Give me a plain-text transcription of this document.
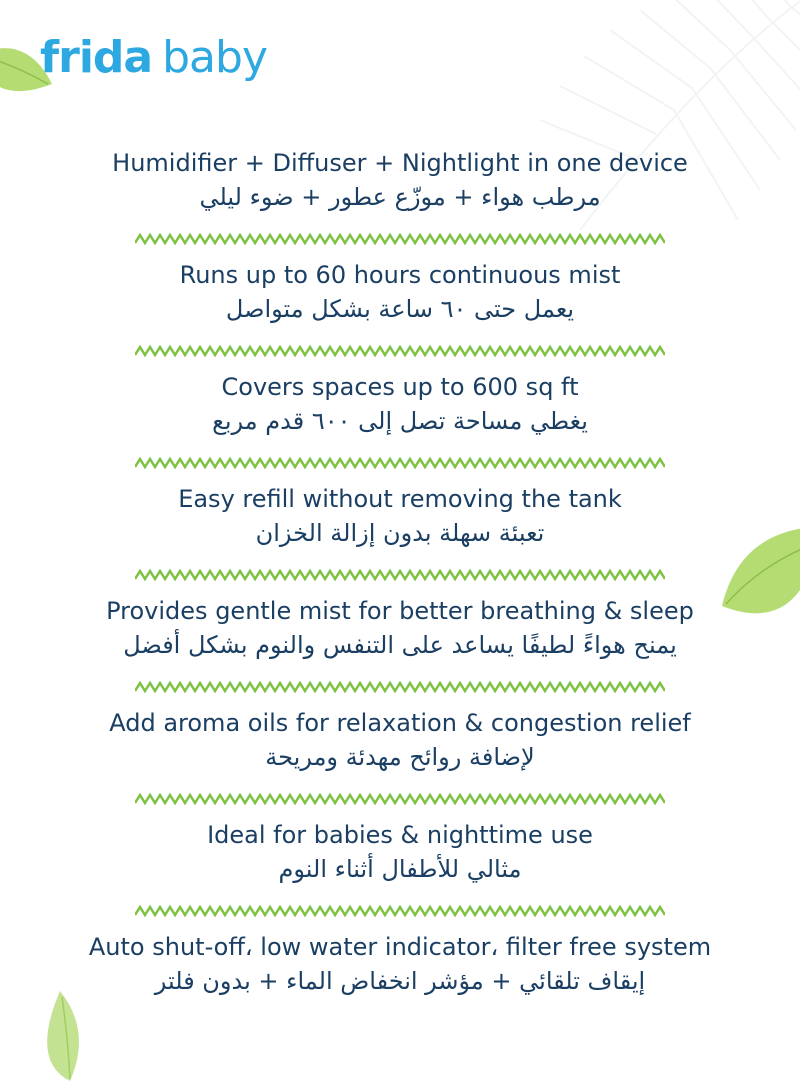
frida baby
Humidifier + Diffuser + Nightlight in one device
مرطب هواء + موزّع عطور + ضوء ليلي
Runs up to 60 hours continuous mist
يعمل حتى ٦٠ ساعة بشكل متواصل
Covers spaces up to 600 sq ft
يغطي مساحة تصل إلى ٦٠٠ قدم مربع
Easy refill without removing the tank
تعبئة سهلة بدون إزالة الخزان
Provides gentle mist for better breathing & sleep
يمنح هواءً لطيفًا يساعد على التنفس والنوم بشكل أفضل
Add aroma oils for relaxation & congestion relief
لإضافة روائح مهدئة ومريحة
Ideal for babies & nighttime use
مثالي للأطفال أثناء النوم
Auto shut-off، low water indicator، filter free system
إيقاف تلقائي + مؤشر انخفاض الماء + بدون فلتر
